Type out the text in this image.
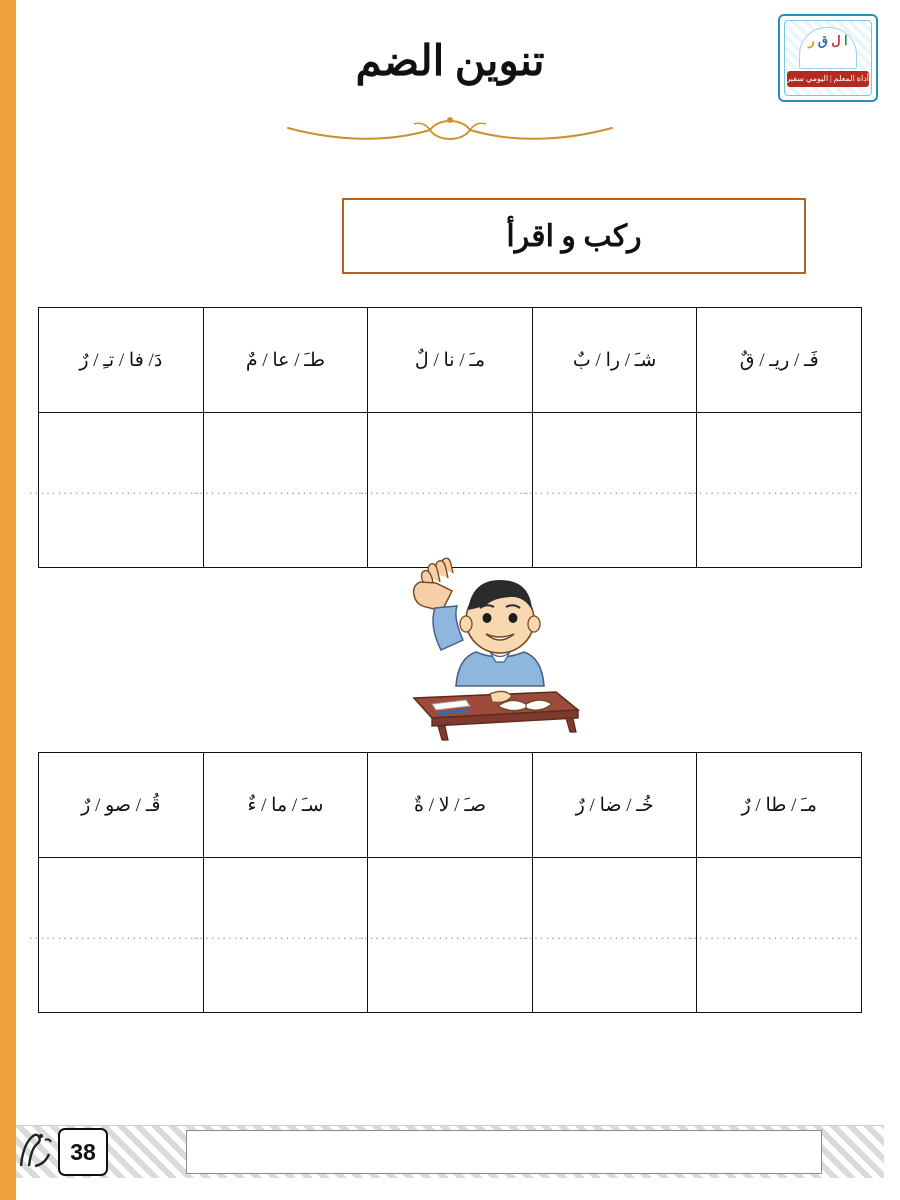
تنوين الضم	ا ل ق ر
أداة المعلم | اليومي سفير
ركب و اقرأ
فَـ / ريـ / قٌ	شـَ / را / بٌ	مـَ / نا / لٌ	طـَ / عا / مٌ	دَ/ فا / تـِ / رٌ
..............................	..............................	..............................	..............................	..............................
مـَ / طا / رٌ	خُـ / ضا / رٌ	صـَ / لا / ةٌ	سـَ / ما / ءٌ	قُـ / صو / رٌ
..............................	..............................	..............................	..............................	..............................
38
